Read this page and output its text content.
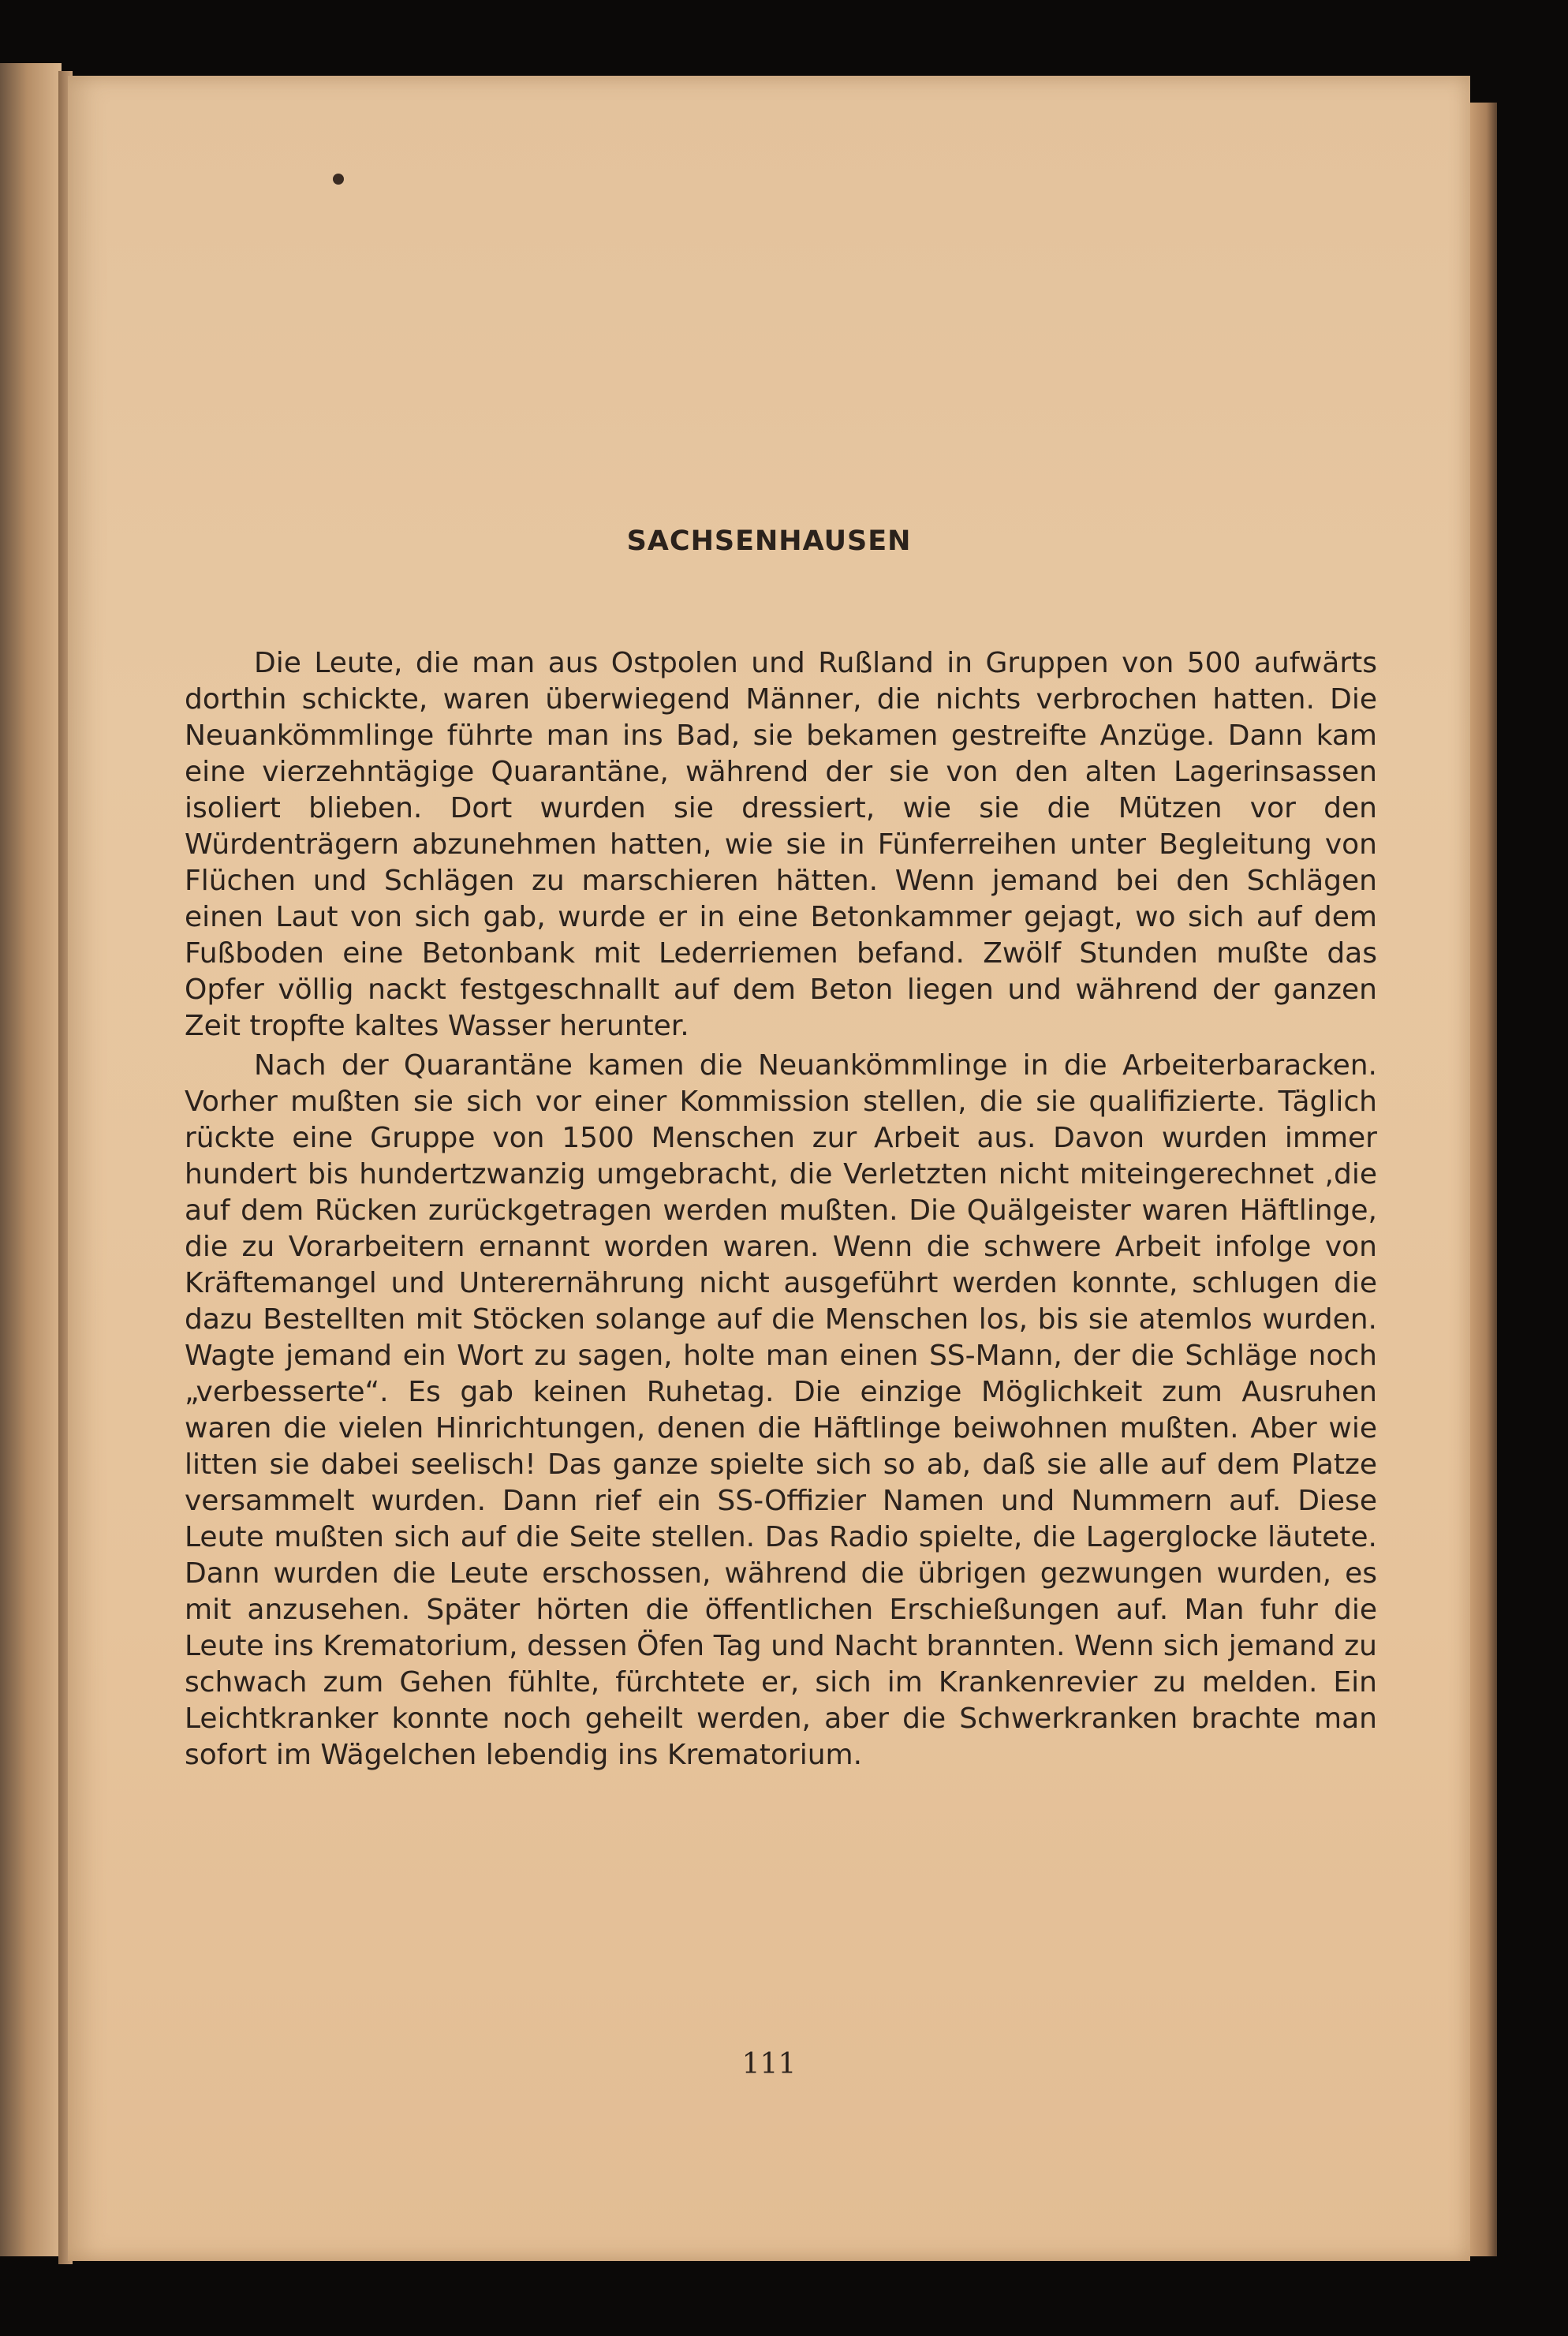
SACHSENHAUSEN

Die Leute, die man aus Ostpolen und Rußland in Gruppen von 500 aufwärts dorthin schickte, waren überwiegend Männer, die nichts verbrochen hatten. Die Neuankömmlinge führte man ins Bad, sie bekamen gestreifte Anzüge. Dann kam eine vierzehntägige Quarantäne, während der sie von den alten Lagerinsassen isoliert blieben. Dort wurden sie dressiert, wie sie die Mützen vor den Würdenträgern abzunehmen hatten, wie sie in Fünferreihen unter Begleitung von Flüchen und Schlägen zu marschieren hätten. Wenn jemand bei den Schlägen einen Laut von sich gab, wurde er in eine Betonkammer gejagt, wo sich auf dem Fußboden eine Betonbank mit Lederriemen befand. Zwölf Stunden mußte das Opfer völlig nackt festgeschnallt auf dem Beton liegen und während der ganzen Zeit tropfte kaltes Wasser herunter.

Nach der Quarantäne kamen die Neuankömmlinge in die Arbeiterbaracken. Vorher mußten sie sich vor einer Kommission stellen, die sie qualifizierte. Täglich rückte eine Gruppe von 1500 Menschen zur Arbeit aus. Davon wurden immer hundert bis hundertzwanzig umgebracht, die Verletzten nicht miteingerechnet ,die auf dem Rücken zurückgetragen werden mußten. Die Quälgeister waren Häftlinge, die zu Vorarbeitern ernannt worden waren. Wenn die schwere Arbeit infolge von Kräftemangel und Unterernährung nicht ausgeführt werden konnte, schlugen die dazu Bestellten mit Stöcken solange auf die Menschen los, bis sie atemlos wurden. Wagte jemand ein Wort zu sagen, holte man einen SS-Mann, der die Schläge noch „verbesserte“. Es gab keinen Ruhetag. Die einzige Möglichkeit zum Ausruhen waren die vielen Hinrichtungen, denen die Häftlinge beiwohnen mußten. Aber wie litten sie dabei seelisch! Das ganze spielte sich so ab, daß sie alle auf dem Platze versammelt wurden. Dann rief ein SS-Offizier Namen und Nummern auf. Diese Leute mußten sich auf die Seite stellen. Das Radio spielte, die Lagerglocke läutete. Dann wurden die Leute erschossen, während die übrigen gezwungen wurden, es mit anzusehen. Später hörten die öffentlichen Erschießungen auf. Man fuhr die Leute ins Krematorium, dessen Öfen Tag und Nacht brannten. Wenn sich jemand zu schwach zum Gehen fühlte, fürchtete er, sich im Krankenrevier zu melden. Ein Leichtkranker konnte noch geheilt werden, aber die Schwerkranken brachte man sofort im Wägelchen lebendig ins Krematorium.

111
